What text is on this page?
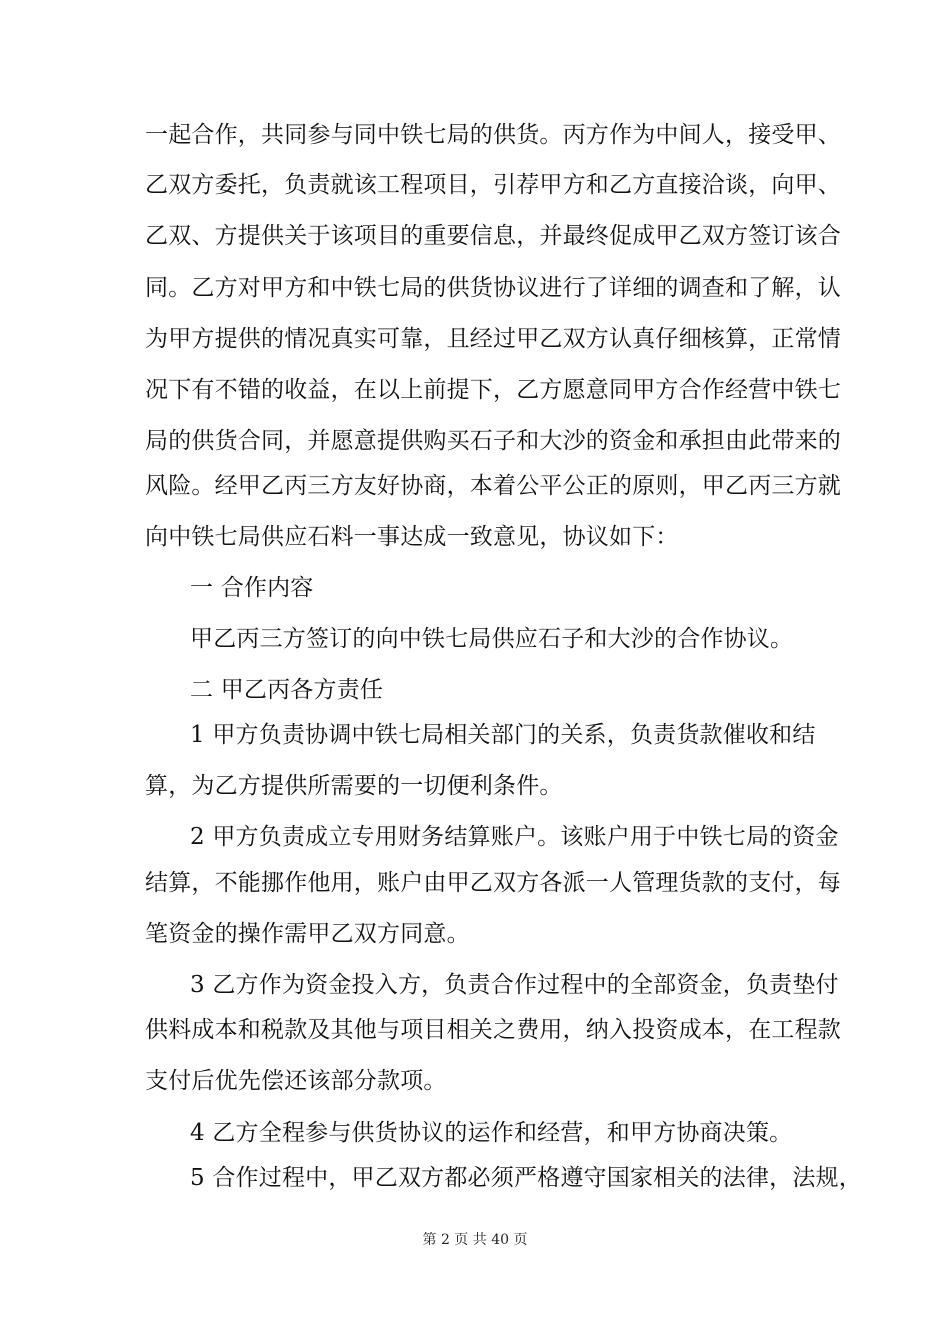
一起合作，共同参与同中铁七局的供货。丙方作为中间人，接受甲、
乙双方委托，负责就该工程项目，引荐甲方和乙方直接洽谈，向甲、
乙双、方提供关于该项目的重要信息，并最终促成甲乙双方签订该合
同。乙方对甲方和中铁七局的供货协议进行了详细的调查和了解，认
为甲方提供的情况真实可靠，且经过甲乙双方认真仔细核算，正常情
况下有不错的收益，在以上前提下，乙方愿意同甲方合作经营中铁七
局的供货合同，并愿意提供购买石子和大沙的资金和承担由此带来的
风险。经甲乙丙三方友好协商，本着公平公正的原则，甲乙丙三方就
向中铁七局供应石料一事达成一致意见，协议如下：
一 合作内容
甲乙丙三方签订的向中铁七局供应石子和大沙的合作协议。
二 甲乙丙各方责任
1 甲方负责协调中铁七局相关部门的关系，负责货款催收和结
算，为乙方提供所需要的一切便利条件。
2 甲方负责成立专用财务结算账户。该账户用于中铁七局的资金
结算，不能挪作他用，账户由甲乙双方各派一人管理货款的支付，每
笔资金的操作需甲乙双方同意。
3 乙方作为资金投入方，负责合作过程中的全部资金，负责垫付
供料成本和税款及其他与项目相关之费用，纳入投资成本，在工程款
支付后优先偿还该部分款项。
4 乙方全程参与供货协议的运作和经营，和甲方协商决策。
5 合作过程中，甲乙双方都必须严格遵守国家相关的法律，法规，
第 2 页 共 40 页
